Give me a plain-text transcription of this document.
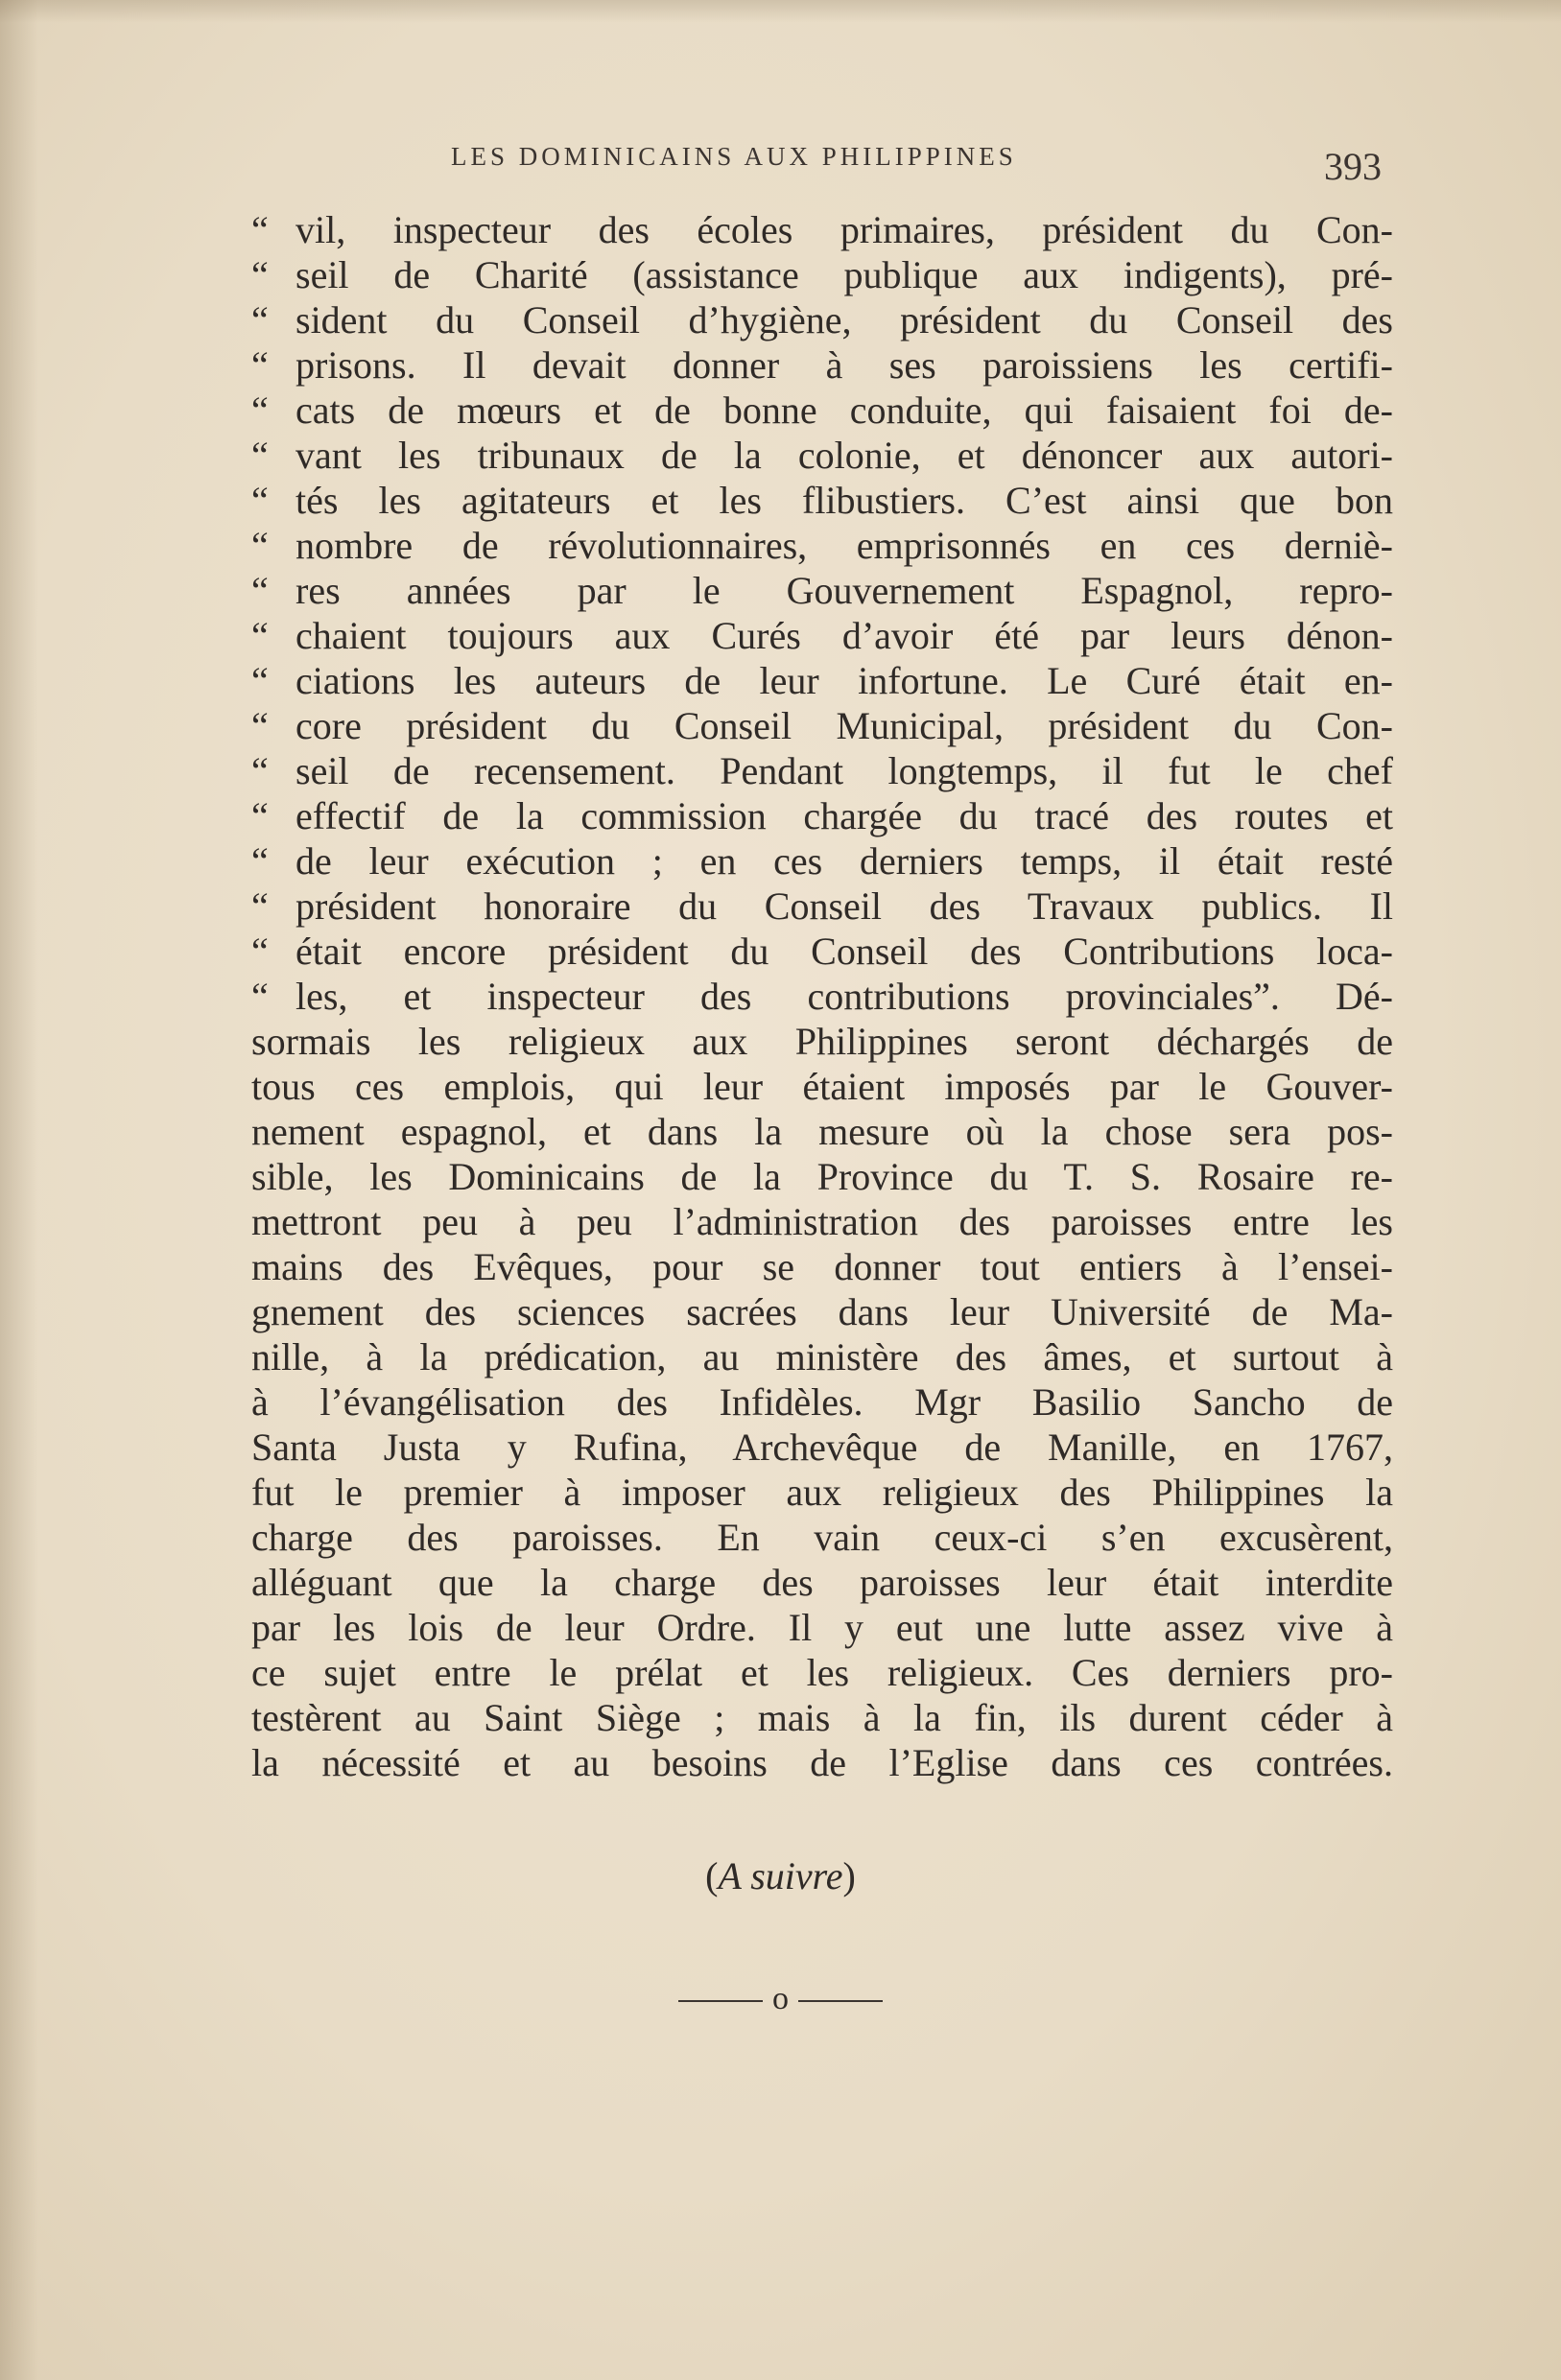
LES DOMINICAINS AUX PHILIPPINES	393
“ vil, inspecteur des écoles primaires, président du Con-
“ seil de Charité (assistance publique aux indigents), pré-
“ sident du Conseil d’hygiène, président du Conseil des
“ prisons. Il devait donner à ses paroissiens les certifi-
“ cats de mœurs et de bonne conduite, qui faisaient foi de-
“ vant les tribunaux de la colonie, et dénoncer aux autori-
“ tés les agitateurs et les flibustiers. C’est ainsi que bon
“ nombre de révolutionnaires, emprisonnés en ces derniè-
“ res années par le Gouvernement Espagnol, repro-
“ chaient toujours aux Curés d’avoir été par leurs dénon-
“ ciations les auteurs de leur infortune. Le Curé était en-
“ core président du Conseil Municipal, président du Con-
“ seil de recensement. Pendant longtemps, il fut le chef
“ effectif de la commission chargée du tracé des routes et
“ de leur exécution ; en ces derniers temps, il était resté
“ président honoraire du Conseil des Travaux publics. Il
“ était encore président du Conseil des Contributions loca-
“ les, et inspecteur des contributions provinciales”. Dé-
sormais les religieux aux Philippines seront déchargés de
tous ces emplois, qui leur étaient imposés par le Gouver-
nement espagnol, et dans la mesure où la chose sera pos-
sible, les Dominicains de la Province du T. S. Rosaire re-
mettront peu à peu l’administration des paroisses entre les
mains des Evêques, pour se donner tout entiers à l’ensei-
gnement des sciences sacrées dans leur Université de Ma-
nille, à la prédication, au ministère des âmes, et surtout à
à l’évangélisation des Infidèles. Mgr Basilio Sancho de
Santa Justa y Rufina, Archevêque de Manille, en 1767,
fut le premier à imposer aux religieux des Philippines la
charge des paroisses. En vain ceux-ci s’en excusèrent,
alléguant que la charge des paroisses leur était interdite
par les lois de leur Ordre. Il y eut une lutte assez vive à
ce sujet entre le prélat et les religieux. Ces derniers pro-
testèrent au Saint Siège ; mais à la fin, ils durent céder à
la nécessité et au besoins de l’Eglise dans ces contrées.
(A suivre)
o
